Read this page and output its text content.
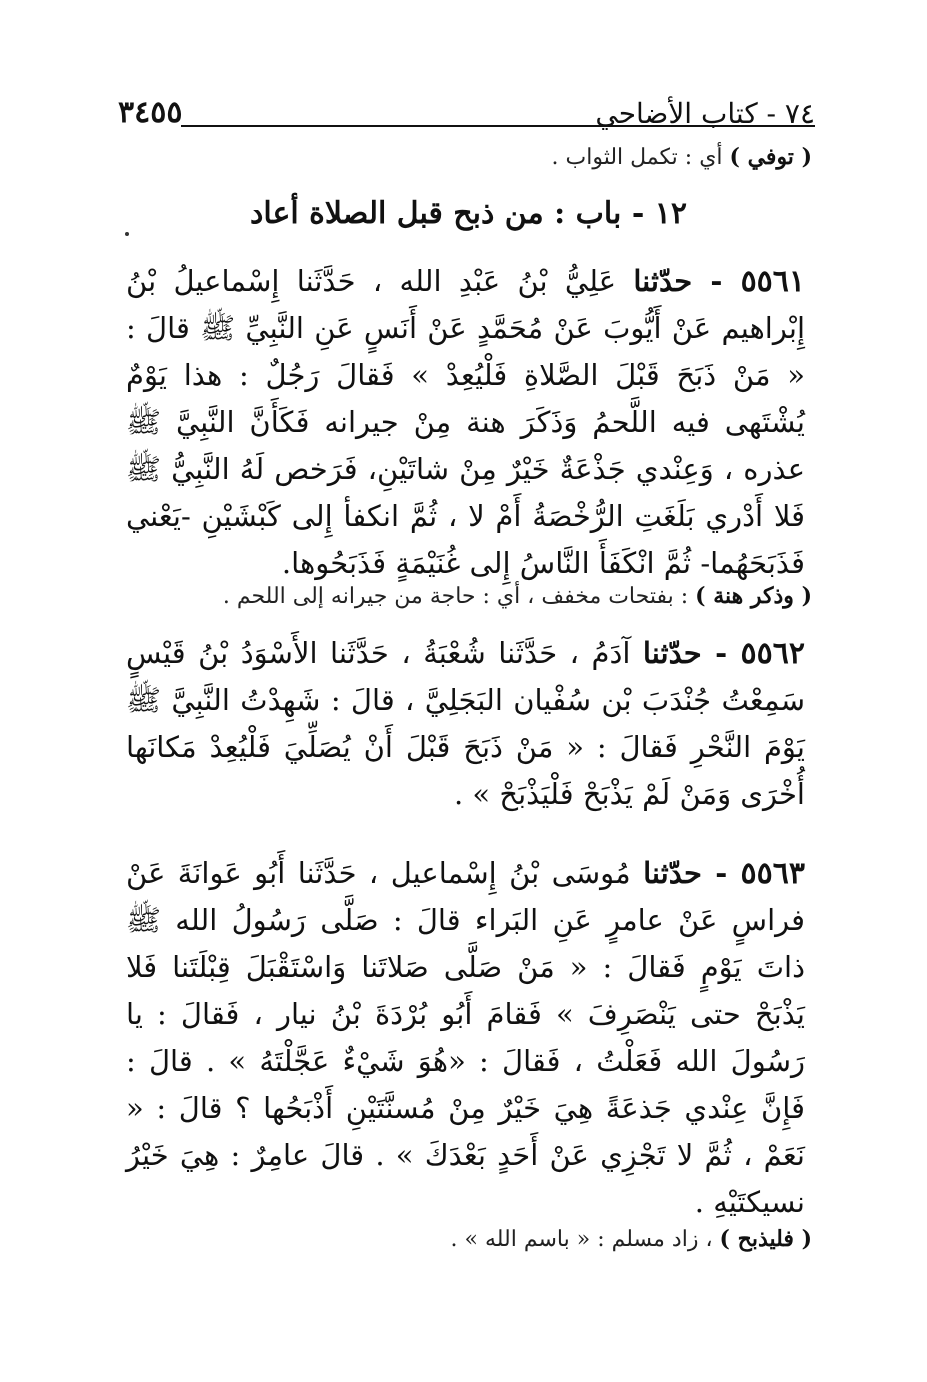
٧٤ - كتاب الأضاحي
٣٤٥٥
( توفي ) أي : تكمل الثواب .
١٢ - باب : من ذبح قبل الصلاة أعاد
٥٥٦١ - حدّثنا عَلِيُّ بْنُ عَبْدِ الله ، حَدَّثَنا إِسْماعيلُ بْنُ إِبْراهيم عَنْ أَيُّوبَ عَنْ مُحَمَّدٍ عَنْ أَنَسٍ عَنِ النَّبِيِّ ﷺ قالَ : « مَنْ ذَبَحَ قَبْلَ الصَّلاةِ فَلْيُعِدْ » فَقالَ رَجُلٌ : هذا يَوْمٌ يُشْتَهى فيه اللَّحمُ وَذَكَرَ هنة مِنْ جيرانه فَكَأَنَّ النَّبِيَّ ﷺ عذره ، وَعِنْدي جَذْعَةٌ خَيْرٌ مِنْ شاتَيْنِ، فَرَخص لَهُ النَّبِيُّ ﷺ فَلا أَدْري بَلَغَتِ الرُّخْصَةُ أَمْ لا ، ثُمَّ انكفأ إِلى كَبْشَيْنِ -يَعْني فَذَبَحَهُما- ثُمَّ انْكَفَأَ النَّاسُ إِلى غُنَيْمَةٍ فَذَبَحُوها.
( وذكر هنة ) : بفتحات مخفف ، أي : حاجة من جيرانه إلى اللحم .
٥٥٦٢ - حدّثنا آدَمُ ، حَدَّثَنا شُعْبَةُ ، حَدَّثَنا الأَسْوَدُ بْنُ قَيْسٍ سَمِعْتُ جُنْدَبَ بْن سُفْيان البَجَلِيَّ ، قالَ : شَهِدْتُ النَّبِيَّ ﷺ يَوْمَ النَّحْرِ فَقالَ : « مَنْ ذَبَحَ قَبْلَ أَنْ يُصَلِّيَ فَلْيُعِدْ مَكانَها أُخْرَى وَمَنْ لَمْ يَذْبَحْ فَلْيَذْبَحْ » .
٥٥٦٣ - حدّثنا مُوسَى بْنُ إِسْماعيل ، حَدَّثَنا أَبُو عَوانَةَ عَنْ فراسٍ عَنْ عامرٍ عَنِ البَراء قالَ : صَلَّى رَسُولُ الله ﷺ ذاتَ يَوْمٍ فَقالَ : « مَنْ صَلَّى صَلاتَنا وَاسْتَقْبَلَ قِبْلَتَنا فَلا يَذْبَحْ حتى يَنْصَرِفَ » فَقامَ أَبُو بُرْدَةَ بْنُ نيار ، فَقالَ : يا رَسُولَ الله فَعَلْتُ ، فَقالَ : «هُوَ شَيْءٌ عَجَّلْتَهُ » . قالَ : فَإِنَّ عِنْدي جَذعَةً هِيَ خَيْرٌ مِنْ مُسنَّتَيْنِ أَذْبَحُها ؟ قالَ : « نَعَمْ ، ثُمَّ لا تَجْزِي عَنْ أَحَدٍ بَعْدَكَ » . قالَ عامِرٌ : هِيَ خَيْرُ نسيكتَيْهِ .
( فليذبح ) ، زاد مسلم : « باسم الله » .
